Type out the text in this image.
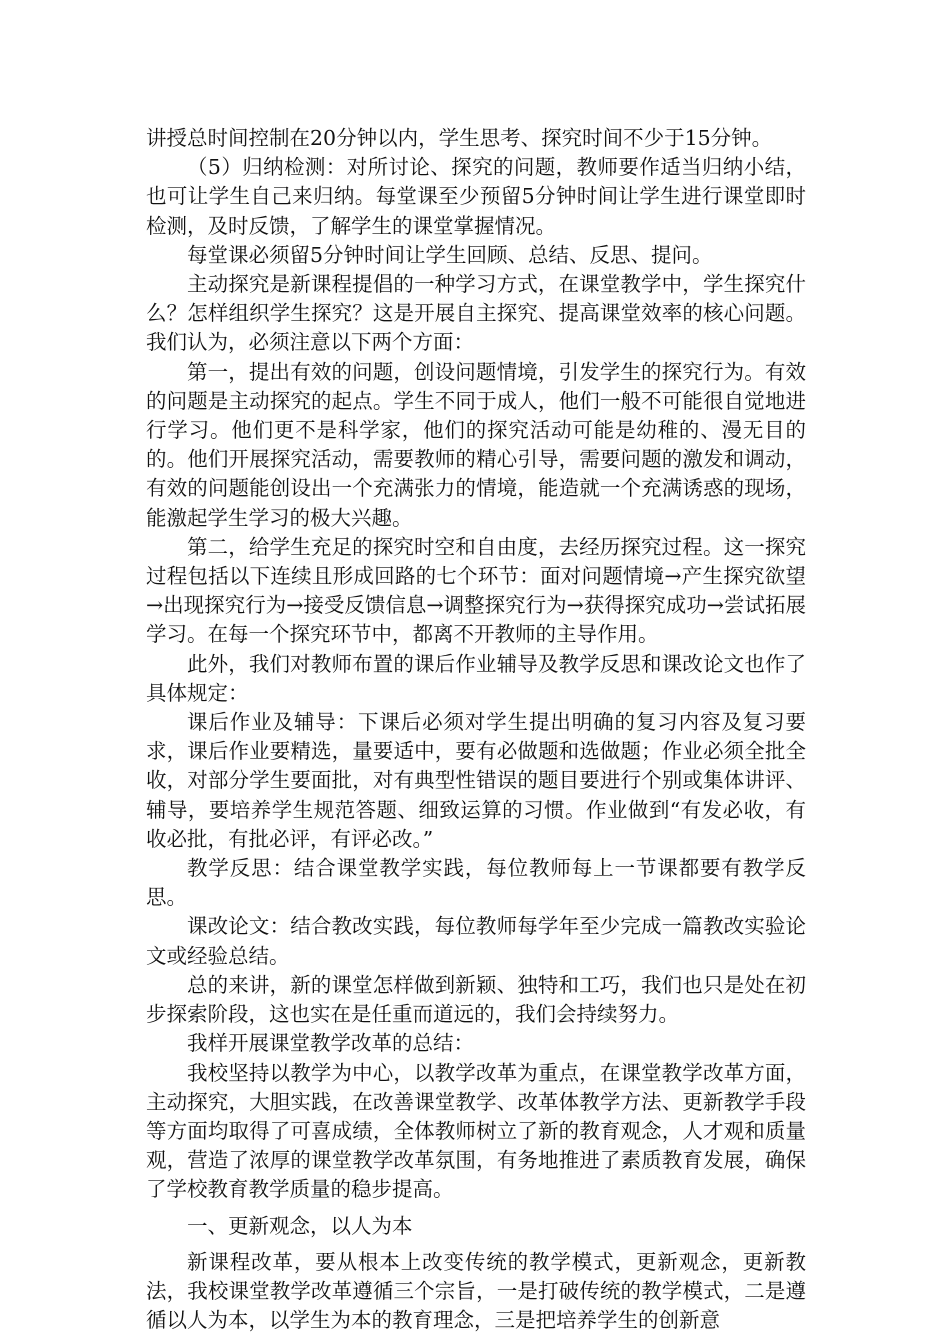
讲授总时间控制在20分钟以内，学生思考、探究时间不少于15分钟。

（5）归纳检测：对所讨论、探究的问题，教师要作适当归纳小结，也可让学生自己来归纳。每堂课至少预留5分钟时间让学生进行课堂即时检测，及时反馈，了解学生的课堂掌握情况。

每堂课必须留5分钟时间让学生回顾、总结、反思、提问。

主动探究是新课程提倡的一种学习方式，在课堂教学中，学生探究什么？怎样组织学生探究？这是开展自主探究、提高课堂效率的核心问题。我们认为，必须注意以下两个方面：

第一，提出有效的问题，创设问题情境，引发学生的探究行为。有效的问题是主动探究的起点。学生不同于成人，他们一般不可能很自觉地进行学习。他们更不是科学家，他们的探究活动可能是幼稚的、漫无目的的。他们开展探究活动，需要教师的精心引导，需要问题的激发和调动，有效的问题能创设出一个充满张力的情境，能造就一个充满诱惑的现场，能激起学生学习的极大兴趣。

第二，给学生充足的探究时空和自由度，去经历探究过程。这一探究过程包括以下连续且形成回路的七个环节：面对问题情境→产生探究欲望→出现探究行为→接受反馈信息→调整探究行为→获得探究成功→尝试拓展学习。在每一个探究环节中，都离不开教师的主导作用。

此外，我们对教师布置的课后作业辅导及教学反思和课改论文也作了具体规定：

课后作业及辅导：下课后必须对学生提出明确的复习内容及复习要求，课后作业要精选，量要适中，要有必做题和选做题；作业必须全批全收，对部分学生要面批，对有典型性错误的题目要进行个别或集体讲评、辅导，要培养学生规范答题、细致运算的习惯。作业做到“有发必收，有收必批，有批必评，有评必改。”

教学反思：结合课堂教学实践，每位教师每上一节课都要有教学反思。

课改论文：结合教改实践，每位教师每学年至少完成一篇教改实验论文或经验总结。

总的来讲，新的课堂怎样做到新颖、独特和工巧，我们也只是处在初步探索阶段，这也实在是任重而道远的，我们会持续努力。

我样开展课堂教学改革的总结：

我校坚持以教学为中心，以教学改革为重点，在课堂教学改革方面，主动探究，大胆实践，在改善课堂教学、改革体教学方法、更新教学手段等方面均取得了可喜成绩，全体教师树立了新的教育观念，人才观和质量观，营造了浓厚的课堂教学改革氛围，有务地推进了素质教育发展，确保了学校教育教学质量的稳步提高。

一、更新观念，以人为本

新课程改革，要从根本上改变传统的教学模式，更新观念，更新教法，我校课堂教学改革遵循三个宗旨，一是打破传统的教学模式，二是遵循以人为本，以学生为本的教育理念，三是把培养学生的创新意
